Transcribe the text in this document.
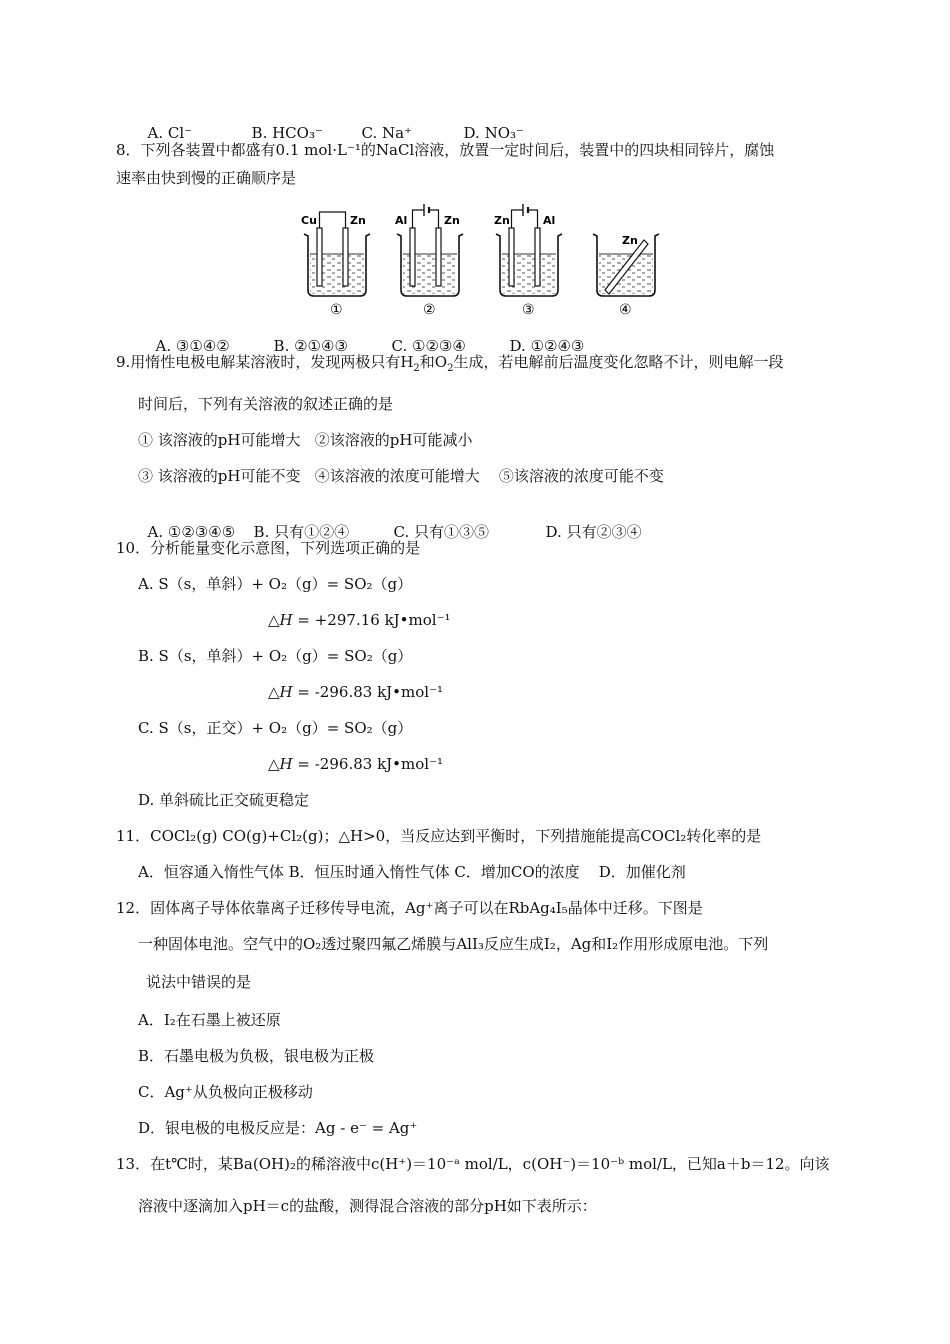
A. Cl⁻	B. HCO₃⁻	C. Na⁺	D. NO₃⁻

8．下列各装置中都盛有0.1 mol·L⁻¹的NaCl溶液，放置一定时间后，装置中的四块相同锌片，腐蚀
速率由快到慢的正确顺序是
Cu	Zn
①
Al	Zn
②
Zn	Al
③
Zn
④

A. ③①④②	B. ②①④③	C. ①②③④	D. ①②④③

9.用惰性电极电解某溶液时，发现两极只有$H_2$和$O_2$生成，若电解前后温度变化忽略不计，则电解一段
时间后，下列有关溶液的叙述正确的是
① 该溶液的pH可能增大   ②该溶液的pH可能减小
③ 该溶液的pH可能不变   ④该溶液的浓度可能增大    ⑤该溶液的浓度可能不变

A. ①②③④⑤ B. 只有①②④	C. 只有①③⑤	D. 只有②③④

10．分析能量变化示意图，下列选项正确的是
A. S（s，单斜）+ O₂（g）= SO₂（g）
△H = +297.16 kJ•mol⁻¹
B. S（s，单斜）+ O₂（g）= SO₂（g）
△H = -296.83 kJ•mol⁻¹
C. S（s，正交）+ O₂（g）= SO₂（g）
△H = -296.83 kJ•mol⁻¹
D. 单斜硫比正交硫更稳定
11．COCl₂(g) CO(g)+Cl₂(g)；△H>0，当反应达到平衡时，下列措施能提高COCl₂转化率的是
A．恒容通入惰性气体 B．恒压时通入惰性气体 C．增加CO的浓度    D．加催化剂
12．固体离子导体依靠离子迁移传导电流，Ag⁺离子可以在RbAg₄I₅晶体中迁移。下图是
一种固体电池。空气中的O₂透过聚四氟乙烯膜与AlI₃反应生成I₂，Ag和I₂作用形成原电池。下列
说法中错误的是
A．I₂在石墨上被还原
B．石墨电极为负极，银电极为正极
C．Ag⁺从负极向正极移动
D．银电极的电极反应是：Ag - e⁻ = Ag⁺
13．在t℃时，某Ba(OH)₂的稀溶液中c(H⁺)＝10⁻ᵃ mol/L，c(OH⁻)＝10⁻ᵇ mol/L，已知a＋b＝12。向该
溶液中逐滴加入pH＝c的盐酸，测得混合溶液的部分pH如下表所示：
